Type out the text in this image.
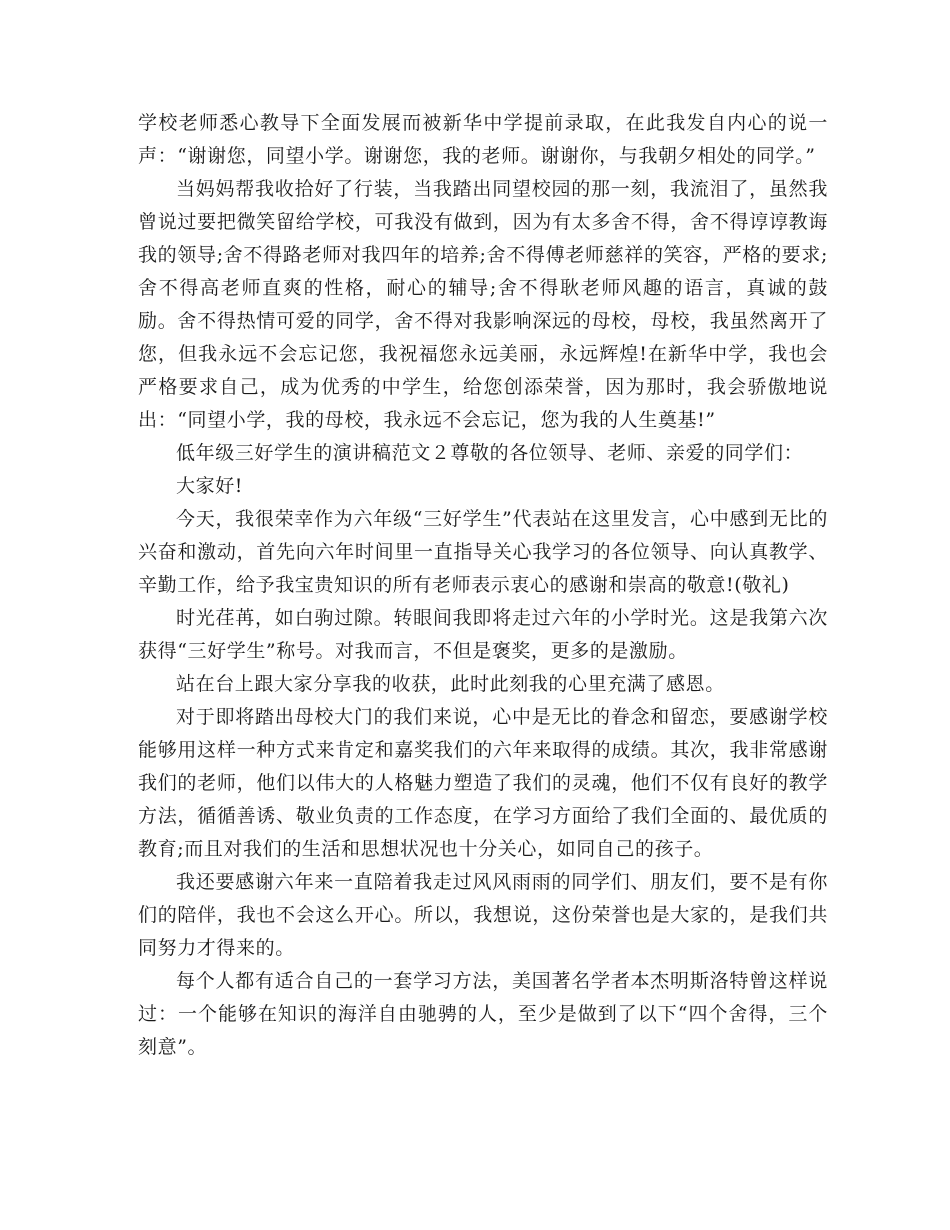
学校老师悉心教导下全面发展而被新华中学提前录取，在此我发自内心的说一声：“谢谢您，同望小学。谢谢您，我的老师。谢谢你，与我朝夕相处的同学。”

当妈妈帮我收拾好了行装，当我踏出同望校园的那一刻，我流泪了，虽然我曾说过要把微笑留给学校，可我没有做到，因为有太多舍不得，舍不得谆谆教诲我的领导;舍不得路老师对我四年的培养;舍不得傅老师慈祥的笑容，严格的要求;舍不得高老师直爽的性格，耐心的辅导;舍不得耿老师风趣的语言，真诚的鼓励。舍不得热情可爱的同学，舍不得对我影响深远的母校，母校，我虽然离开了您，但我永远不会忘记您，我祝福您永远美丽，永远辉煌!在新华中学，我也会严格要求自己，成为优秀的中学生，给您创添荣誉，因为那时，我会骄傲地说出：“同望小学，我的母校，我永远不会忘记，您为我的人生奠基!”

低年级三好学生的演讲稿范文２尊敬的各位领导、老师、亲爱的同学们：

大家好!

今天，我很荣幸作为六年级“三好学生”代表站在这里发言，心中感到无比的兴奋和激动，首先向六年时间里一直指导关心我学习的各位领导、向认真教学、辛勤工作，给予我宝贵知识的所有老师表示衷心的感谢和崇高的敬意!(敬礼)

时光荏苒，如白驹过隙。转眼间我即将走过六年的小学时光。这是我第六次获得“三好学生”称号。对我而言，不但是褒奖，更多的是激励。

站在台上跟大家分享我的收获，此时此刻我的心里充满了感恩。

对于即将踏出母校大门的我们来说，心中是无比的眷念和留恋，要感谢学校能够用这样一种方式来肯定和嘉奖我们的六年来取得的成绩。其次，我非常感谢我们的老师，他们以伟大的人格魅力塑造了我们的灵魂，他们不仅有良好的教学方法，循循善诱、敬业负责的工作态度，在学习方面给了我们全面的、最优质的教育;而且对我们的生活和思想状况也十分关心，如同自己的孩子。

我还要感谢六年来一直陪着我走过风风雨雨的同学们、朋友们，要不是有你们的陪伴，我也不会这么开心。所以，我想说，这份荣誉也是大家的，是我们共同努力才得来的。

每个人都有适合自己的一套学习方法，美国著名学者本杰明斯洛特曾这样说过：一个能够在知识的海洋自由驰骋的人，至少是做到了以下“四个舍得，三个刻意”。
